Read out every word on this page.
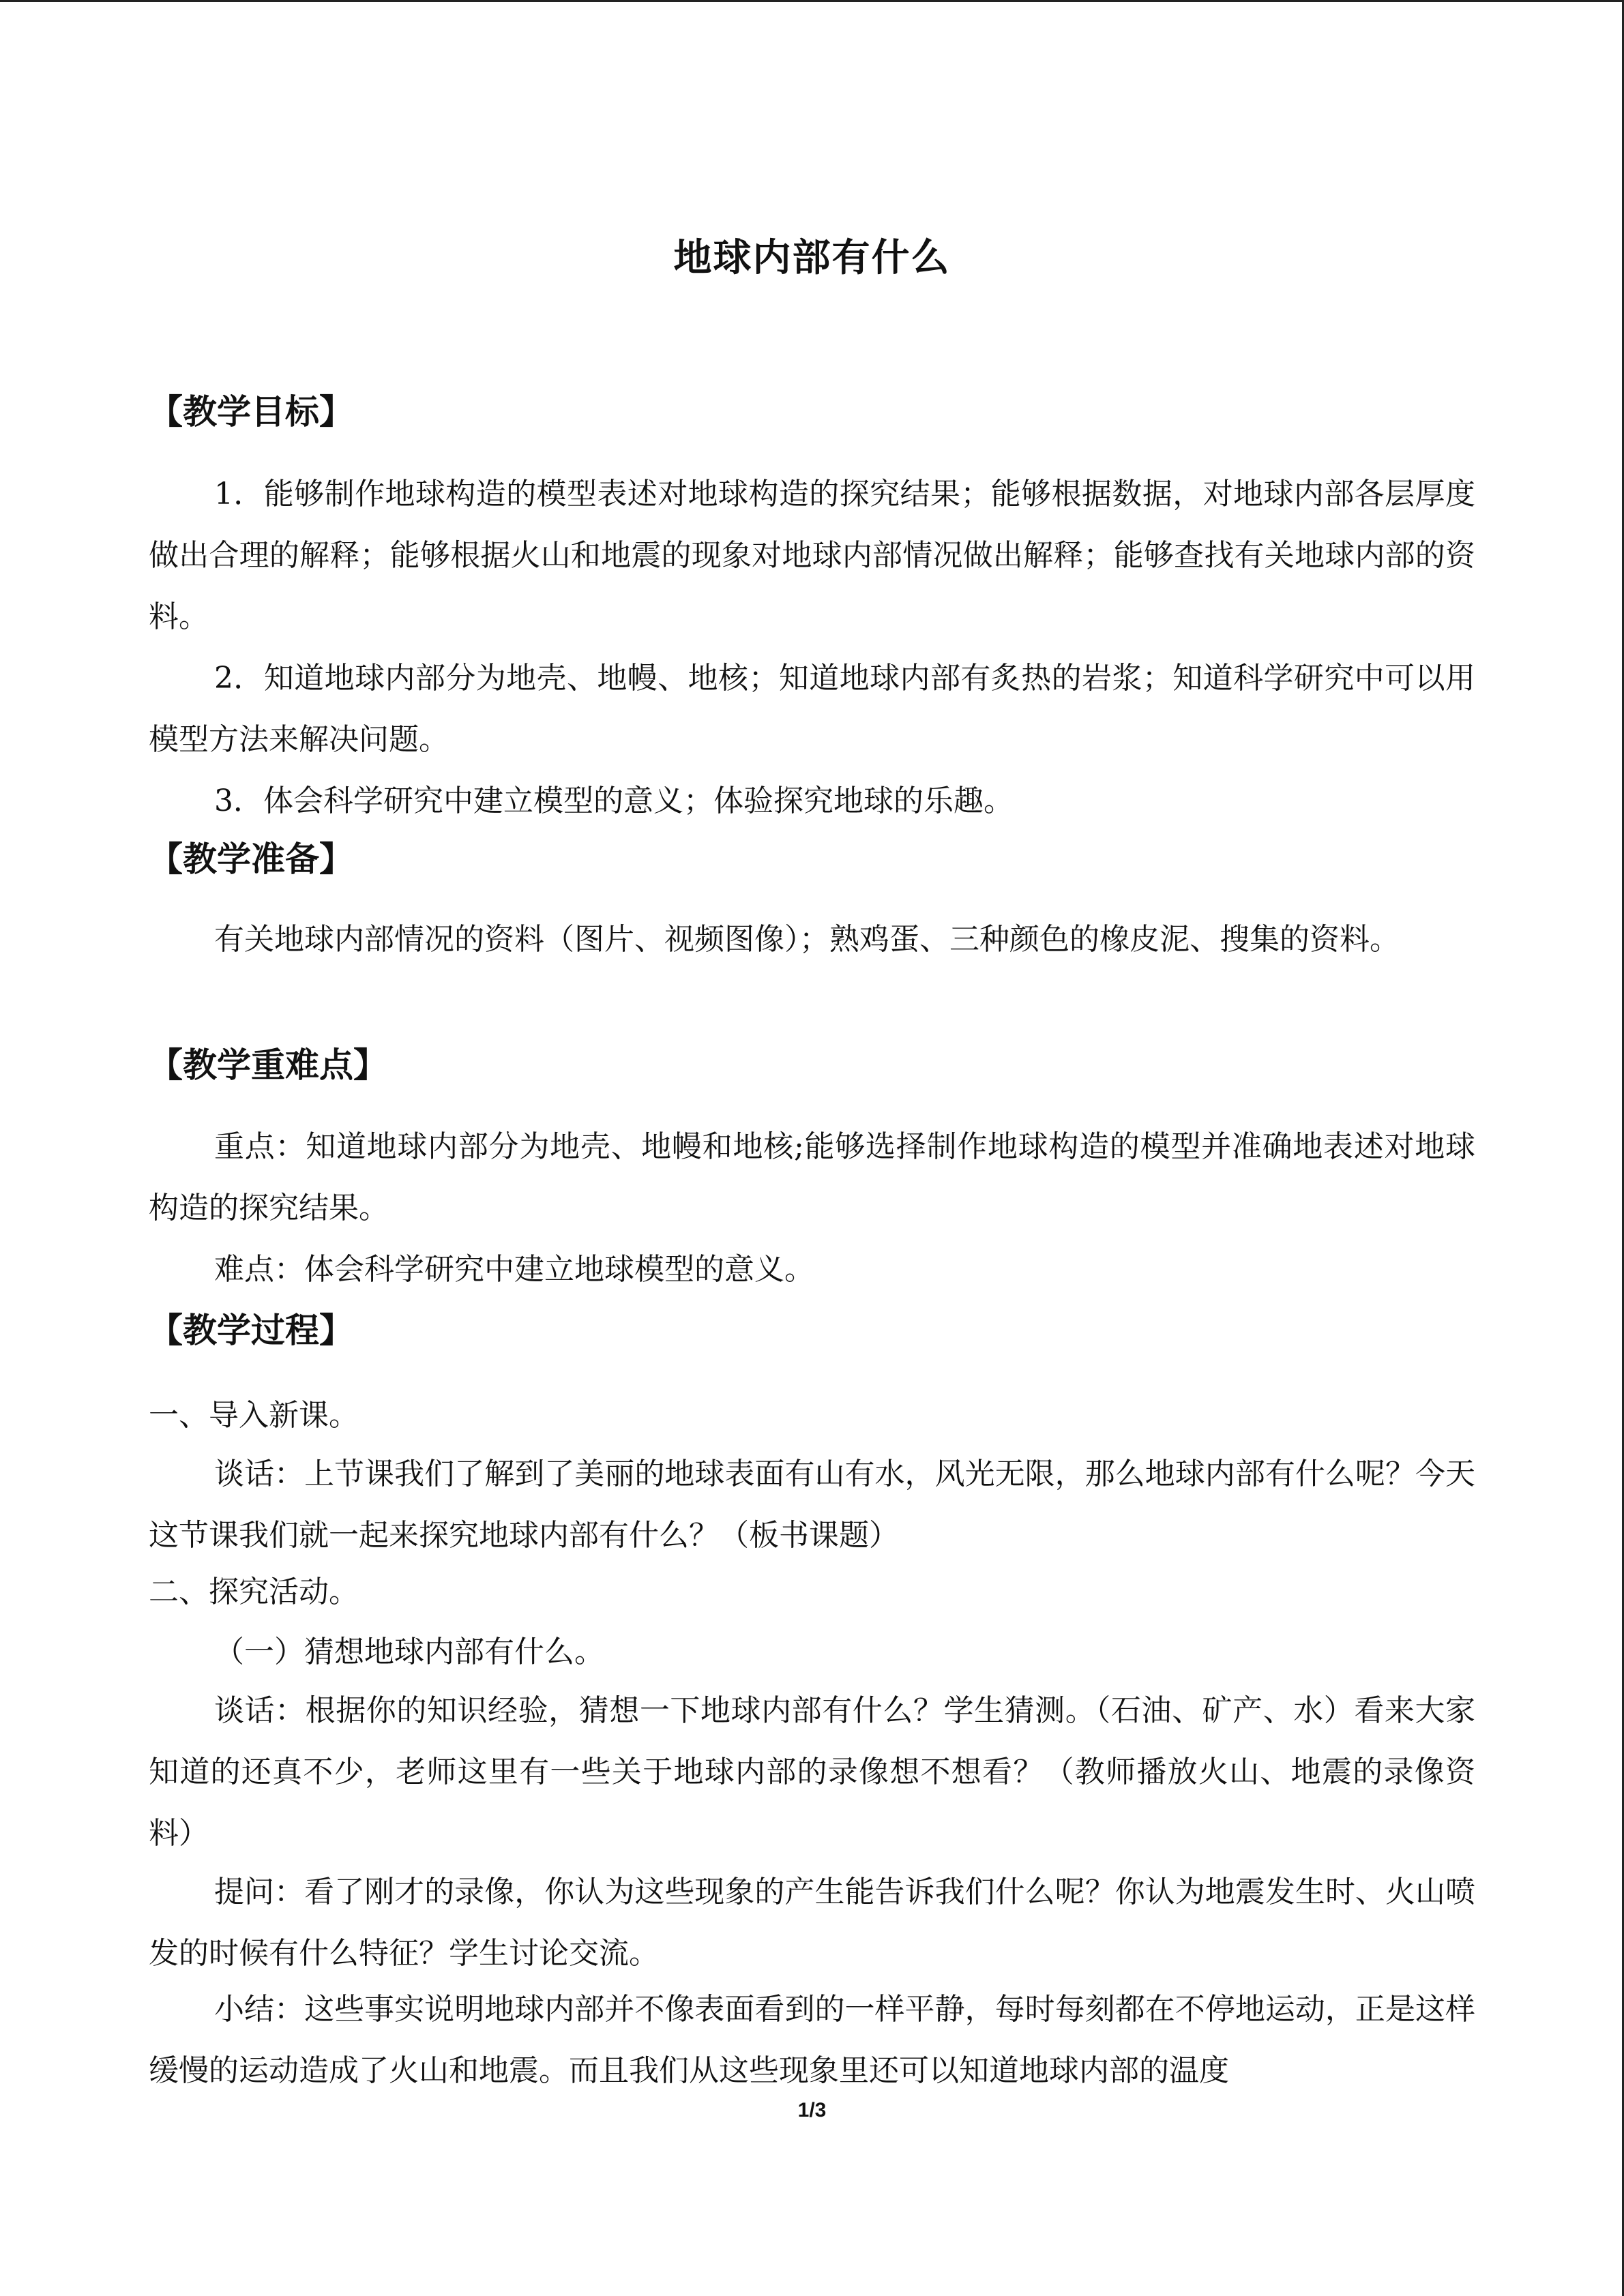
地球内部有什么
【教学目标】

1．能够制作地球构造的模型表述对地球构造的探究结果；能够根据数据，对地球内部各层厚度做出合理的解释；能够根据火山和地震的现象对地球内部情况做出解释；能够查找有关地球内部的资料。

2．知道地球内部分为地壳、地幔、地核；知道地球内部有炙热的岩浆；知道科学研究中可以用模型方法来解决问题。

3．体会科学研究中建立模型的意义；体验探究地球的乐趣。

【教学准备】

有关地球内部情况的资料（图片、视频图像）；熟鸡蛋、三种颜色的橡皮泥、搜集的资料。

【教学重难点】

重点：知道地球内部分为地壳、地幔和地核;能够选择制作地球构造的模型并准确地表述对地球构造的探究结果。

难点：体会科学研究中建立地球模型的意义。

【教学过程】

一、导入新课。

谈话：上节课我们了解到了美丽的地球表面有山有水，风光无限，那么地球内部有什么呢？今天这节课我们就一起来探究地球内部有什么？（板书课题）

二、探究活动。

（一）猜想地球内部有什么。

谈话：根据你的知识经验，猜想一下地球内部有什么？学生猜测。（石油、矿产、水）看来大家知道的还真不少，老师这里有一些关于地球内部的录像想不想看？（教师播放火山、地震的录像资料）

提问：看了刚才的录像，你认为这些现象的产生能告诉我们什么呢？你认为地震发生时、火山喷发的时候有什么特征？学生讨论交流。

小结：这些事实说明地球内部并不像表面看到的一样平静，每时每刻都在不停地运动，正是这样缓慢的运动造成了火山和地震。而且我们从这些现象里还可以知道地球内部的温度

1/3
